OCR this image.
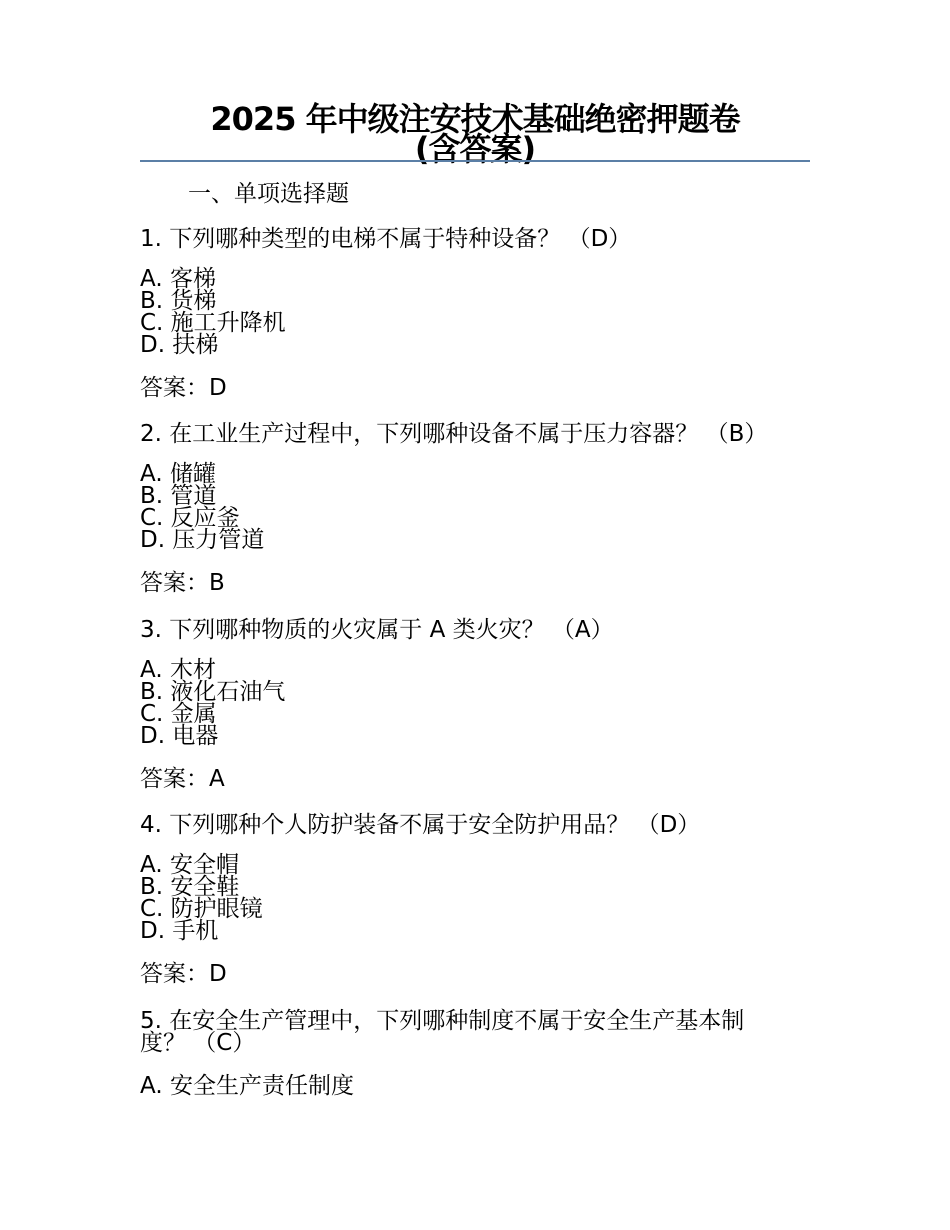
2025 年中级注安技术基础绝密押题卷
(含答案)
一、单项选择题
1. 下列哪种类型的电梯不属于特种设备？ （D）
A. 客梯
B. 货梯
C. 施工升降机
D. 扶梯
答案：D
2. 在工业生产过程中，下列哪种设备不属于压力容器？ （B）
A. 储罐
B. 管道
C. 反应釜
D. 压力管道
答案：B
3. 下列哪种物质的火灾属于 A 类火灾？ （A）
A. 木材
B. 液化石油气
C. 金属
D. 电器
答案：A
4. 下列哪种个人防护装备不属于安全防护用品？ （D）
A. 安全帽
B. 安全鞋
C. 防护眼镜
D. 手机
答案：D
5. 在安全生产管理中，下列哪种制度不属于安全生产基本制
度？ （C）
A. 安全生产责任制度
